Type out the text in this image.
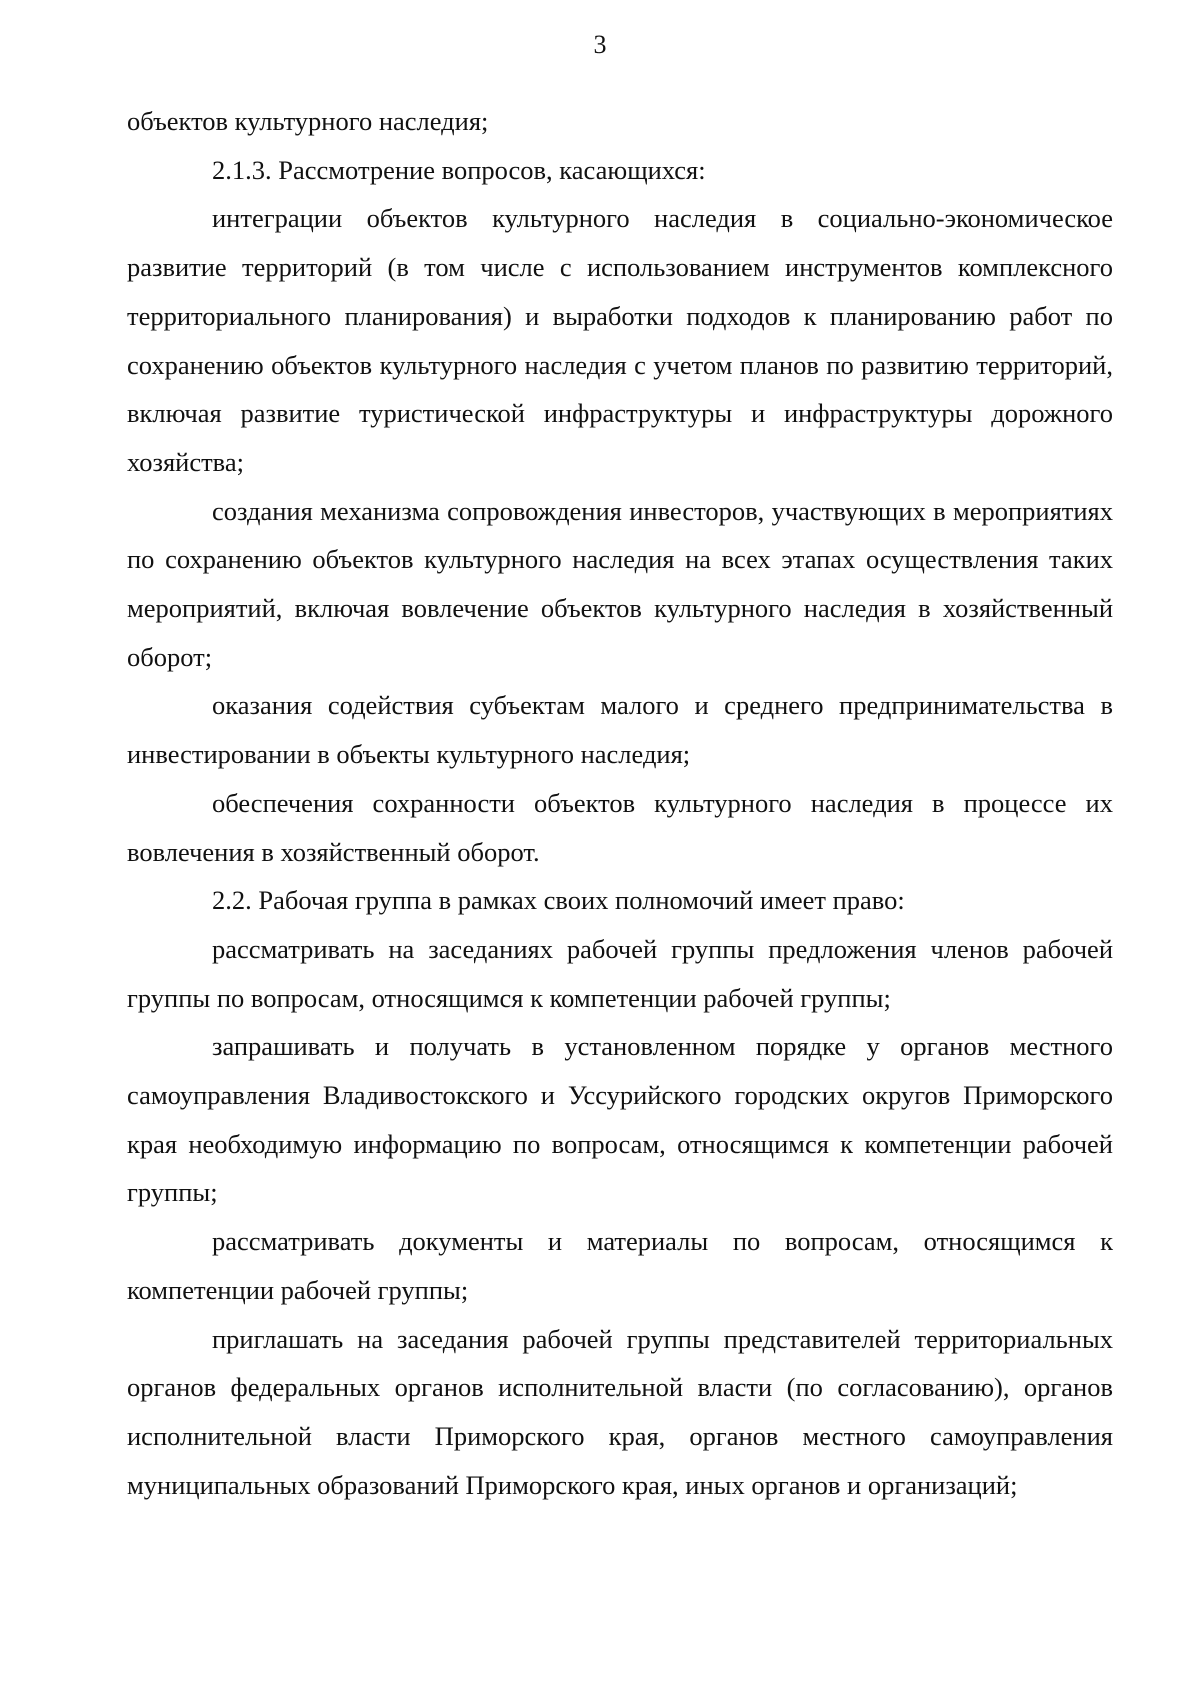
3

объектов культурного наследия;

2.1.3. Рассмотрение вопросов, касающихся:

интеграции объектов культурного наследия в социально-экономическое развитие территорий (в том числе с использованием инструментов комплексного территориального планирования) и выработки подходов к планированию работ по сохранению объектов культурного наследия с учетом планов по развитию территорий, включая развитие туристической инфраструктуры и инфраструктуры дорожного хозяйства;

создания механизма сопровождения инвесторов, участвующих в мероприятиях по сохранению объектов культурного наследия на всех этапах осуществления таких мероприятий, включая вовлечение объектов культурного наследия в хозяйственный оборот;

оказания содействия субъектам малого и среднего предпринимательства в инвестировании в объекты культурного наследия;

обеспечения сохранности объектов культурного наследия в процессе их вовлечения в хозяйственный оборот.

2.2. Рабочая группа в рамках своих полномочий имеет право:

рассматривать на заседаниях рабочей группы предложения членов рабочей группы по вопросам, относящимся к компетенции рабочей группы;

запрашивать и получать в установленном порядке у органов местного самоуправления Владивостокского и Уссурийского городских округов Приморского края необходимую информацию по вопросам, относящимся к компетенции рабочей группы;

рассматривать документы и материалы по вопросам, относящимся к компетенции рабочей группы;

приглашать на заседания рабочей группы представителей территориальных органов федеральных органов исполнительной власти (по согласованию), органов исполнительной власти Приморского края, органов местного самоуправления муниципальных образований Приморского края, иных органов и организаций;
